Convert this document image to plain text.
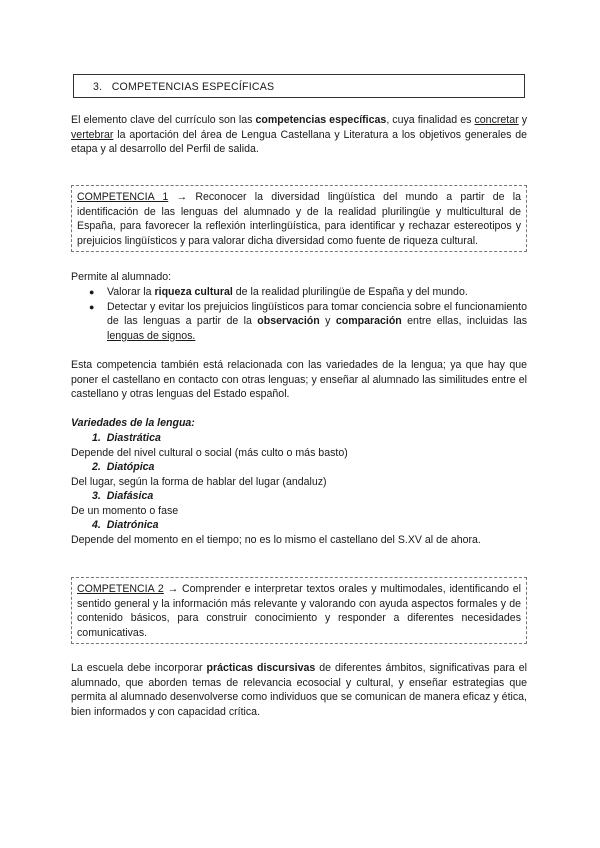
3. COMPETENCIAS ESPECÍFICAS
El elemento clave del currículo son las competencias específicas, cuya finalidad es concretar y vertebrar la aportación del área de Lengua Castellana y Literatura a los objetivos generales de etapa y al desarrollo del Perfil de salida.
COMPETENCIA 1 → Reconocer la diversidad lingüística del mundo a partir de la identificación de las lenguas del alumnado y de la realidad plurilingüe y multicultural de España, para favorecer la reflexión interlingüística, para identificar y rechazar estereotipos y prejuicios lingüísticos y para valorar dicha diversidad como fuente de riqueza cultural.
Permite al alumnado:
● Valorar la riqueza cultural de la realidad plurilingüe de España y del mundo.
● Detectar y evitar los prejuicios lingüísticos para tomar conciencia sobre el funcionamiento de las lenguas a partir de la observación y comparación entre ellas, incluidas las lenguas de signos.
Esta competencia también está relacionada con las variedades de la lengua; ya que hay que poner el castellano en contacto con otras lenguas; y enseñar al alumnado las similitudes entre el castellano y otras lenguas del Estado español.
Variedades de la lengua:
1. Diastrática
Depende del nivel cultural o social (más culto o más basto)
2. Diatópica
Del lugar, según la forma de hablar del lugar (andaluz)
3. Diafásica
De un momento o fase
4. Diatrónica
Depende del momento en el tiempo; no es lo mismo el castellano del S.XV al de ahora.
COMPETENCIA 2 → Comprender e interpretar textos orales y multimodales, identificando el sentido general y la información más relevante y valorando con ayuda aspectos formales y de contenido básicos, para construir conocimiento y responder a diferentes necesidades comunicativas.
La escuela debe incorporar prácticas discursivas de diferentes ámbitos, significativas para el alumnado, que aborden temas de relevancia ecosocial y cultural, y enseñar estrategias que permita al alumnado desenvolverse como individuos que se comunican de manera eficaz y ética, bien informados y con capacidad crítica.
